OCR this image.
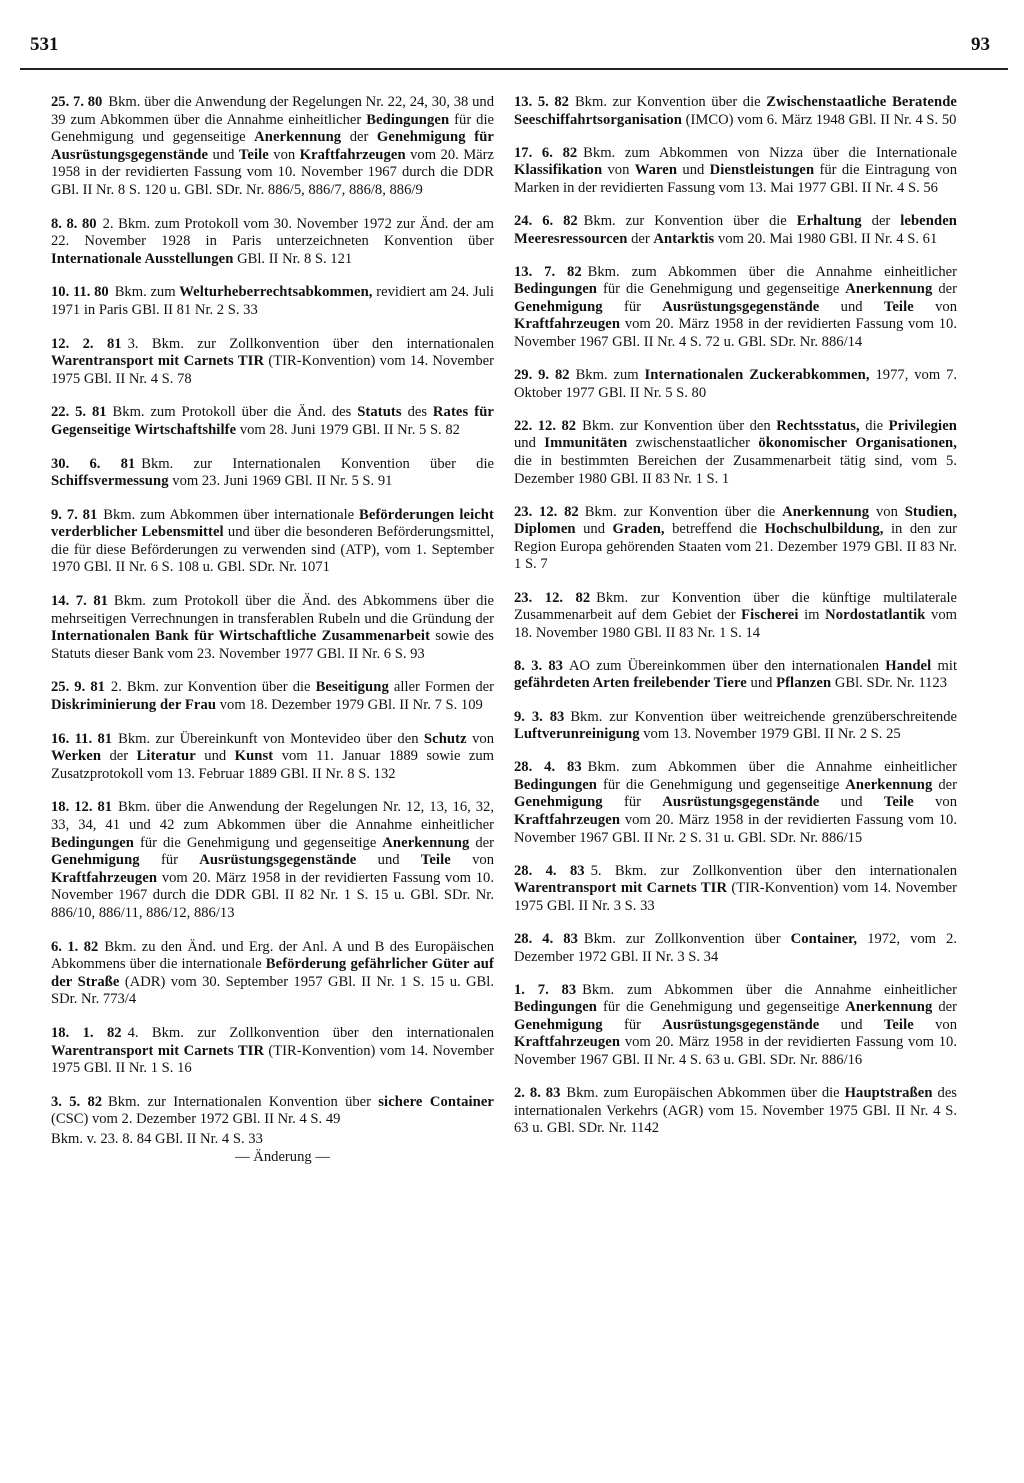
531	93
25. 7. 80 Bkm. über die Anwendung der Regelungen Nr. 22, 24, 30, 38 und 39 zum Abkommen über die Annahme einheitlicher Bedingungen für die Genehmigung und gegenseitige Anerkennung der Genehmigung für Ausrüstungsgegenstände und Teile von Kraftfahrzeugen vom 20. März 1958 in der revidierten Fassung vom 10. November 1967 durch die DDR GBl. II Nr. 8 S. 120 u. GBl. SDr. Nr. 886/5, 886/7, 886/8, 886/9
8. 8. 80 2. Bkm. zum Protokoll vom 30. November 1972 zur Änd. der am 22. November 1928 in Paris unterzeichneten Konvention über Internationale Ausstellungen GBl. II Nr. 8 S. 121
10. 11. 80 Bkm. zum Welturheberrechtsabkommen, revidiert am 24. Juli 1971 in Paris GBl. II 81 Nr. 2 S. 33
12. 2. 81 3. Bkm. zur Zollkonvention über den internationalen Warentransport mit Carnets TIR (TIR-Konvention) vom 14. November 1975 GBl. II Nr. 4 S. 78
22. 5. 81 Bkm. zum Protokoll über die Änd. des Statuts des Rates für Gegenseitige Wirtschaftshilfe vom 28. Juni 1979 GBl. II Nr. 5 S. 82
30. 6. 81 Bkm. zur Internationalen Konvention über die Schiffsvermessung vom 23. Juni 1969 GBl. II Nr. 5 S. 91
9. 7. 81 Bkm. zum Abkommen über internationale Beförderungen leicht verderblicher Lebensmittel und über die besonderen Beförderungsmittel, die für diese Beförderungen zu verwenden sind (ATP), vom 1. September 1970 GBl. II Nr. 6 S. 108 u. GBl. SDr. Nr. 1071
14. 7. 81 Bkm. zum Protokoll über die Änd. des Abkommens über die mehrseitigen Verrechnungen in transferablen Rubeln und die Gründung der Internationalen Bank für Wirtschaftliche Zusammenarbeit sowie des Statuts dieser Bank vom 23. November 1977 GBl. II Nr. 6 S. 93
25. 9. 81 2. Bkm. zur Konvention über die Beseitigung aller Formen der Diskriminierung der Frau vom 18. Dezember 1979 GBl. II Nr. 7 S. 109
16. 11. 81 Bkm. zur Übereinkunft von Montevideo über den Schutz von Werken der Literatur und Kunst vom 11. Januar 1889 sowie zum Zusatzprotokoll vom 13. Februar 1889 GBl. II Nr. 8 S. 132
18. 12. 81 Bkm. über die Anwendung der Regelungen Nr. 12, 13, 16, 32, 33, 34, 41 und 42 zum Abkommen über die Annahme einheitlicher Bedingungen für die Genehmigung und gegenseitige Anerkennung der Genehmigung für Ausrüstungsgegenstände und Teile von Kraftfahrzeugen vom 20. März 1958 in der revidierten Fassung vom 10. November 1967 durch die DDR GBl. II 82 Nr. 1 S. 15 u. GBl. SDr. Nr. 886/10, 886/11, 886/12, 886/13
6. 1. 82 Bkm. zu den Änd. und Erg. der Anl. A und B des Europäischen Abkommens über die internationale Beförderung gefährlicher Güter auf der Straße (ADR) vom 30. September 1957 GBl. II Nr. 1 S. 15 u. GBl. SDr. Nr. 773/4
18. 1. 82 4. Bkm. zur Zollkonvention über den internationalen Warentransport mit Carnets TIR (TIR-Konvention) vom 14. November 1975 GBl. II Nr. 1 S. 16
3. 5. 82 Bkm. zur Internationalen Konvention über sichere Container (CSC) vom 2. Dezember 1972 GBl. II Nr. 4 S. 49
Bkm. v. 23. 8. 84 GBl. II Nr. 4 S. 33
— Änderung —
13. 5. 82 Bkm. zur Konvention über die Zwischenstaatliche Beratende Seeschiffahrtsorganisation (IMCO) vom 6. März 1948 GBl. II Nr. 4 S. 50
17. 6. 82 Bkm. zum Abkommen von Nizza über die Internationale Klassifikation von Waren und Dienstleistungen für die Eintragung von Marken in der revidierten Fassung vom 13. Mai 1977 GBl. II Nr. 4 S. 56
24. 6. 82 Bkm. zur Konvention über die Erhaltung der lebenden Meeresressourcen der Antarktis vom 20. Mai 1980 GBl. II Nr. 4 S. 61
13. 7. 82 Bkm. zum Abkommen über die Annahme einheitlicher Bedingungen für die Genehmigung und gegenseitige Anerkennung der Genehmigung für Ausrüstungsgegenstände und Teile von Kraftfahrzeugen vom 20. März 1958 in der revidierten Fassung vom 10. November 1967 GBl. II Nr. 4 S. 72 u. GBl. SDr. Nr. 886/14
29. 9. 82 Bkm. zum Internationalen Zuckerabkommen, 1977, vom 7. Oktober 1977 GBl. II Nr. 5 S. 80
22. 12. 82 Bkm. zur Konvention über den Rechtsstatus, die Privilegien und Immunitäten zwischenstaatlicher ökonomischer Organisationen, die in bestimmten Bereichen der Zusammenarbeit tätig sind, vom 5. Dezember 1980 GBl. II 83 Nr. 1 S. 1
23. 12. 82 Bkm. zur Konvention über die Anerkennung von Studien, Diplomen und Graden, betreffend die Hochschulbildung, in den zur Region Europa gehörenden Staaten vom 21. Dezember 1979 GBl. II 83 Nr. 1 S. 7
23. 12. 82 Bkm. zur Konvention über die künftige multilaterale Zusammenarbeit auf dem Gebiet der Fischerei im Nordostatlantik vom 18. November 1980 GBl. II 83 Nr. 1 S. 14
8. 3. 83 AO zum Übereinkommen über den internationalen Handel mit gefährdeten Arten freilebender Tiere und Pflanzen GBl. SDr. Nr. 1123
9. 3. 83 Bkm. zur Konvention über weitreichende grenzüberschreitende Luftverunreinigung vom 13. November 1979 GBl. II Nr. 2 S. 25
28. 4. 83 Bkm. zum Abkommen über die Annahme einheitlicher Bedingungen für die Genehmigung und gegenseitige Anerkennung der Genehmigung für Ausrüstungsgegenstände und Teile von Kraftfahrzeugen vom 20. März 1958 in der revidierten Fassung vom 10. November 1967 GBl. II Nr. 2 S. 31 u. GBl. SDr. Nr. 886/15
28. 4. 83 5. Bkm. zur Zollkonvention über den internationalen Warentransport mit Carnets TIR (TIR-Konvention) vom 14. November 1975 GBl. II Nr. 3 S. 33
28. 4. 83 Bkm. zur Zollkonvention über Container, 1972, vom 2. Dezember 1972 GBl. II Nr. 3 S. 34
1. 7. 83 Bkm. zum Abkommen über die Annahme einheitlicher Bedingungen für die Genehmigung und gegenseitige Anerkennung der Genehmigung für Ausrüstungsgegenstände und Teile von Kraftfahrzeugen vom 20. März 1958 in der revidierten Fassung vom 10. November 1967 GBl. II Nr. 4 S. 63 u. GBl. SDr. Nr. 886/16
2. 8. 83 Bkm. zum Europäischen Abkommen über die Hauptstraßen des internationalen Verkehrs (AGR) vom 15. November 1975 GBl. II Nr. 4 S. 63 u. GBl. SDr. Nr. 1142
